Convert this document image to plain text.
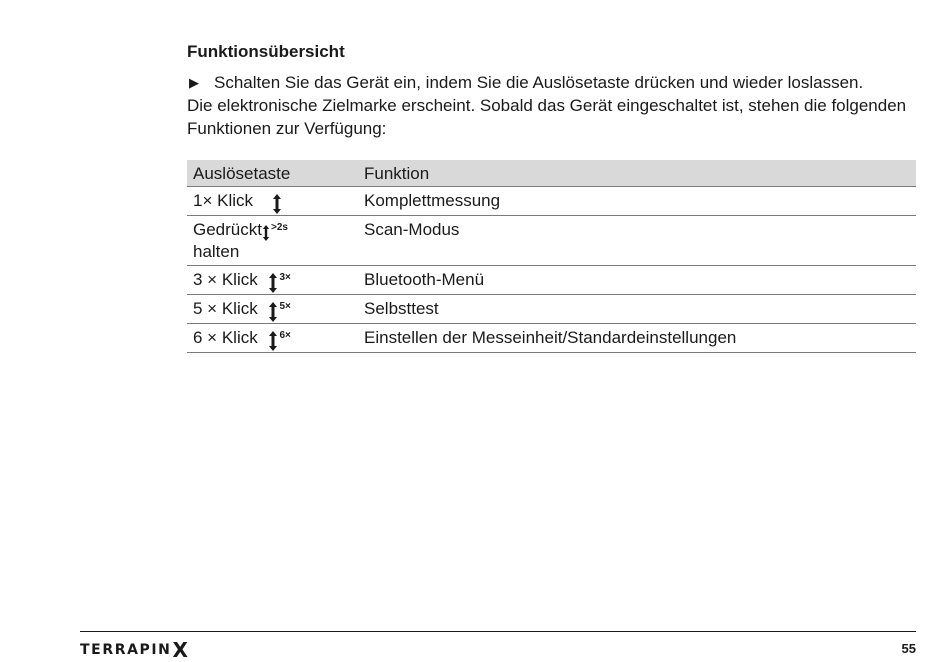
Funktionsübersicht
▶ Schalten Sie das Gerät ein, indem Sie die Auslösetaste drücken und wieder loslassen.
Die elektronische Zielmarke erscheint. Sobald das Gerät eingeschaltet ist, stehen die folgenden Funktionen zur Verfügung:
Auslösetaste	Funktion
1× Klick	Komplettmessung
Gedrückt $^{>2s}$
halten	Scan-Modus
3 × Klick $^{3\times}$	Bluetooth-Menü
5 × Klick $^{5\times}$	Selbsttest
6 × Klick $^{6\times}$	Einstellen der Messeinheit/Standardeinstellungen
TERRAPIN X	55
